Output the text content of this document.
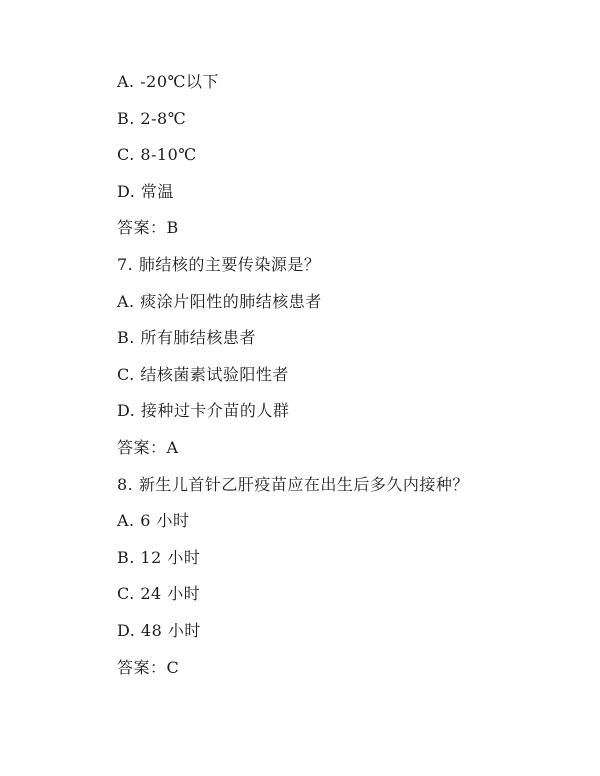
A. -20℃以下
B. 2-8℃
C. 8-10℃
D. 常温
答案：B
7. 肺结核的主要传染源是？
A. 痰涂片阳性的肺结核患者
B. 所有肺结核患者
C. 结核菌素试验阳性者
D. 接种过卡介苗的人群
答案：A
8. 新生儿首针乙肝疫苗应在出生后多久内接种？
A. 6 小时
B. 12 小时
C. 24 小时
D. 48 小时
答案：C
